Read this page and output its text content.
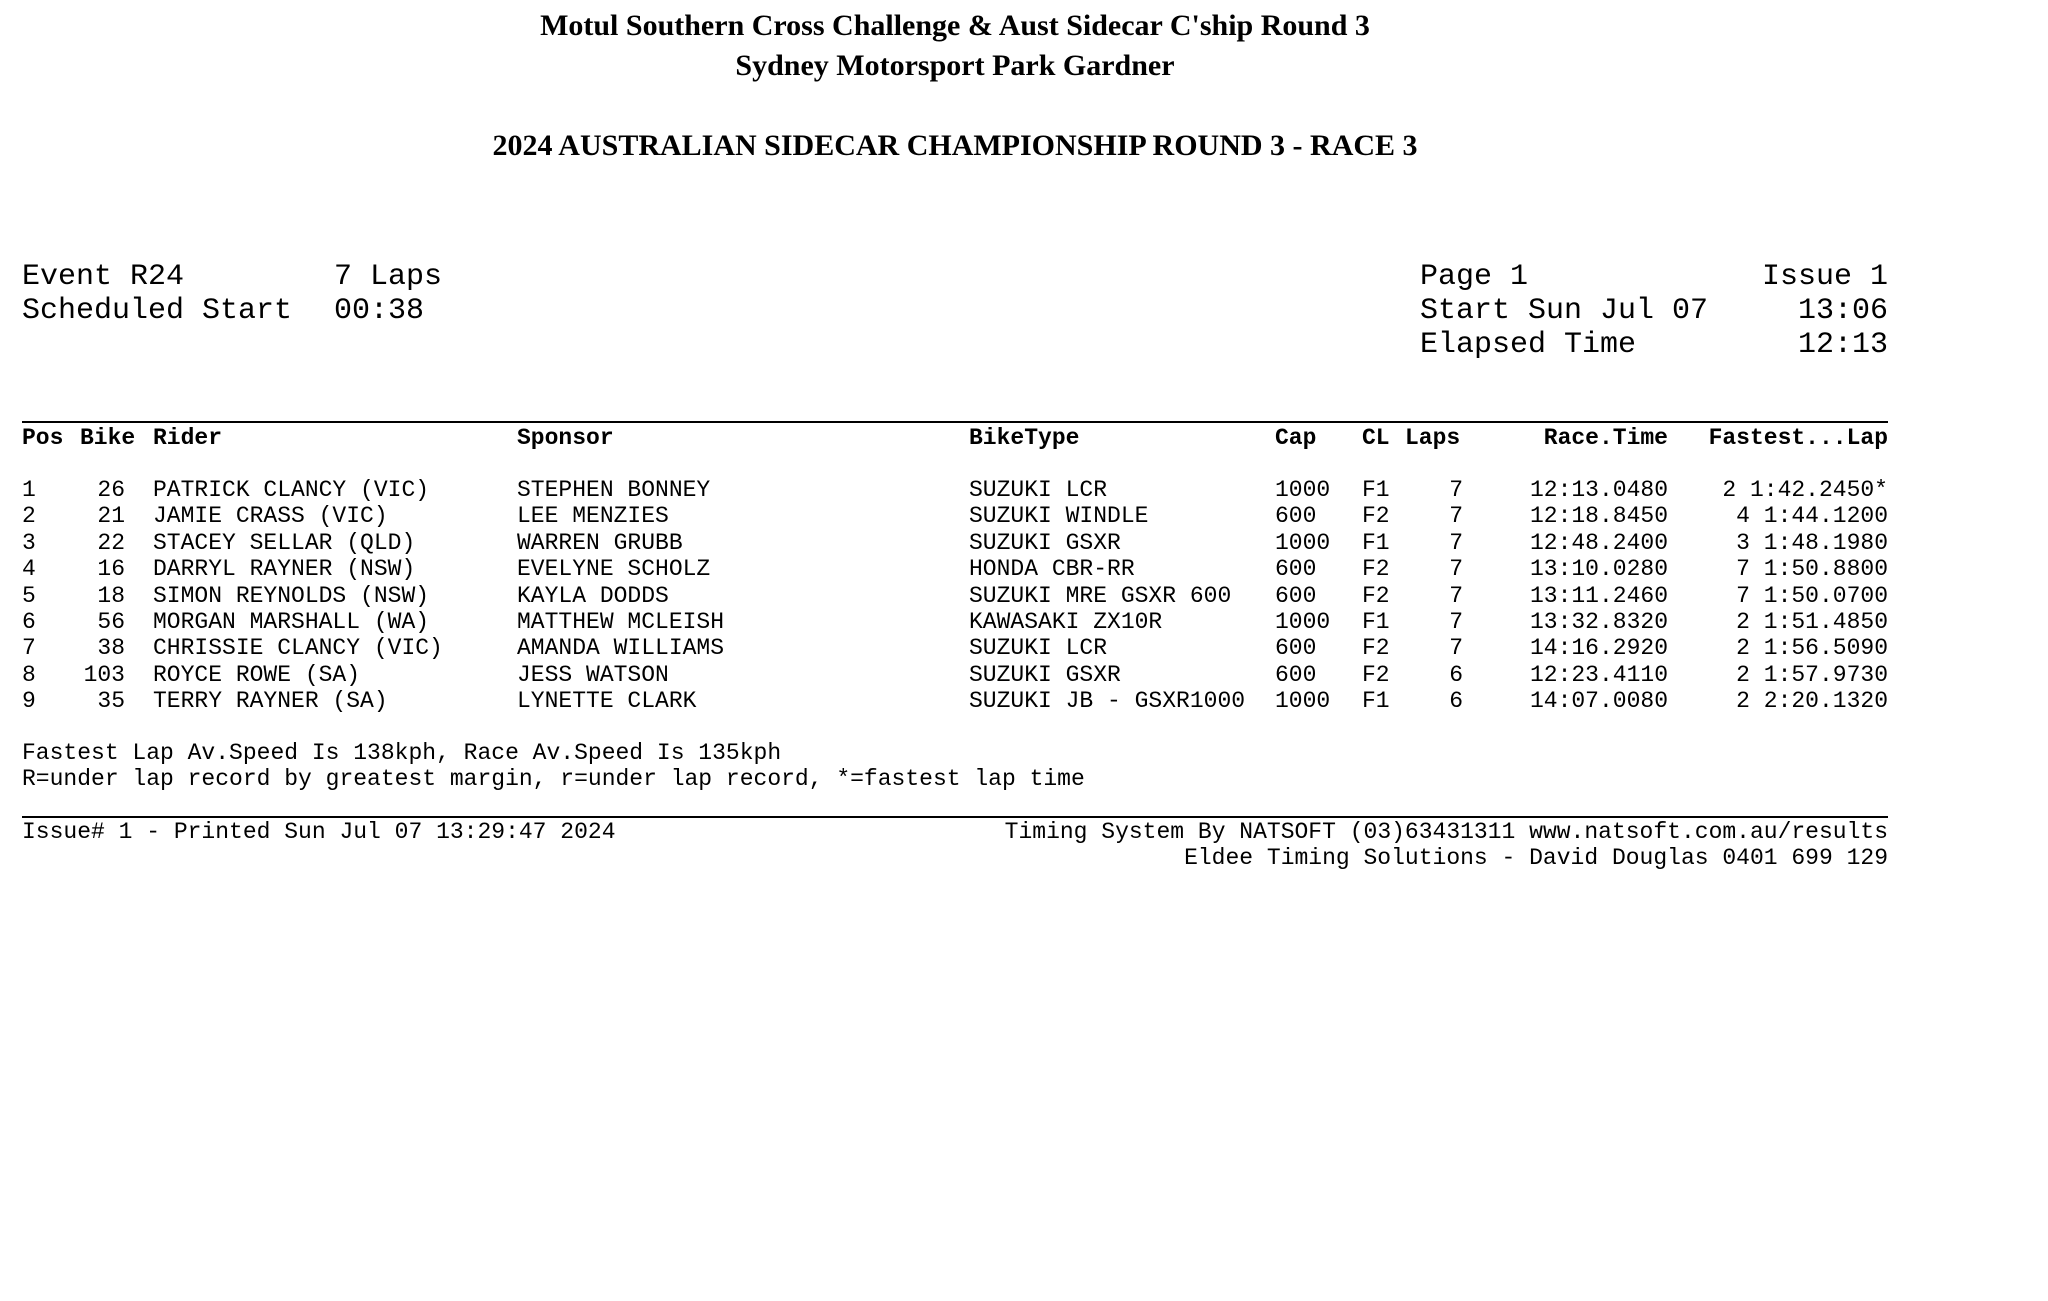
Motul Southern Cross Challenge & Aust Sidecar C'ship Round 3
Sydney Motorsport Park Gardner
2024 AUSTRALIAN SIDECAR CHAMPIONSHIP ROUND 3 - RACE 3
Event R24	7 Laps
Scheduled Start 00:38
Page 1	Issue 1
Start Sun Jul 07	13:06
Elapsed Time	12:13
Pos Bike Rider	Sponsor	BikeType	Cap CL Laps	Race.Time	Fastest...Lap
1	26 PATRICK CLANCY (VIC)	STEPHEN BONNEY	SUZUKI LCR	1000 F1	7	12:13.0480	2 1:42.2450*
2	21 JAMIE CRASS (VIC)	LEE MENZIES	SUZUKI WINDLE	600 F2	7	12:18.8450	4 1:44.1200
3	22 STACEY SELLAR (QLD)	WARREN GRUBB	SUZUKI GSXR	1000 F1	7	12:48.2400	3 1:48.1980
4	16 DARRYL RAYNER (NSW)	EVELYNE SCHOLZ	HONDA CBR-RR	600 F2	7	13:10.0280	7 1:50.8800
5	18 SIMON REYNOLDS (NSW)	KAYLA DODDS	SUZUKI MRE GSXR 600 600 F2	7	13:11.2460	7 1:50.0700
6	56 MORGAN MARSHALL (WA)	MATTHEW MCLEISH	KAWASAKI ZX10R	1000 F1	7	13:32.8320	2 1:51.4850
7	38 CHRISSIE CLANCY (VIC)	AMANDA WILLIAMS	SUZUKI LCR	600 F2	7	14:16.2920	2 1:56.5090
8 103 ROYCE ROWE (SA)	JESS WATSON	SUZUKI GSXR	600 F2	6	12:23.4110	2 1:57.9730
9	35 TERRY RAYNER (SA)	LYNETTE CLARK	SUZUKI JB - GSXR1000 1000 F1	6	14:07.0080	2 2:20.1320
Fastest Lap Av.Speed Is 138kph, Race Av.Speed Is 135kph
R=under lap record by greatest margin, r=under lap record, *=fastest lap time
Issue# 1 - Printed Sun Jul 07 13:29:47 2024	Timing System By NATSOFT (03)63431311 www.natsoft.com.au/results
Eldee Timing Solutions - David Douglas 0401 699 129
